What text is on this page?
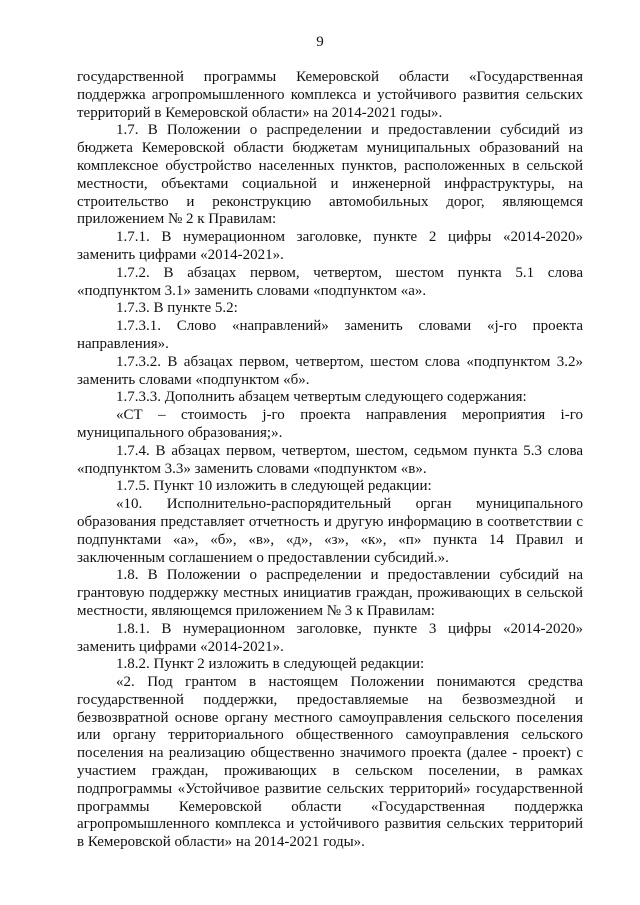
9

государственной программы Кемеровской области «Государственная поддержка агропромышленного комплекса и устойчивого развития сельских территорий в Кемеровской области» на 2014-2021 годы».

1.7. В Положении о распределении и предоставлении субсидий из бюджета Кемеровской области бюджетам муниципальных образований на комплексное обустройство населенных пунктов, расположенных в сельской местности, объектами социальной и инженерной инфраструктуры, на строительство и реконструкцию автомобильных дорог, являющемся приложением № 2 к Правилам:

1.7.1. В нумерационном заголовке, пункте 2 цифры «2014-2020» заменить цифрами «2014-2021».

1.7.2. В абзацах первом, четвертом, шестом пункта 5.1 слова «подпунктом 3.1» заменить словами «подпунктом «а».

1.7.3. В пункте 5.2:

1.7.3.1. Слово «направлений» заменить словами «j-го проекта направления».

1.7.3.2. В абзацах первом, четвертом, шестом слова «подпунктом 3.2» заменить словами «подпунктом «б».

1.7.3.3. Дополнить абзацем четвертым следующего содержания:

«СТ – стоимость j-го проекта направления мероприятия i-го муниципального образования;».

1.7.4. В абзацах первом, четвертом, шестом, седьмом пункта 5.3 слова «подпунктом 3.3» заменить словами «подпунктом «в».

1.7.5. Пункт 10 изложить в следующей редакции:

«10. Исполнительно-распорядительный орган муниципального образования представляет отчетность и другую информацию в соответствии с подпунктами «а», «б», «в», «д», «з», «к», «п» пункта 14 Правил и заключенным соглашением о предоставлении субсидий.».

1.8. В Положении о распределении и предоставлении субсидий на грантовую поддержку местных инициатив граждан, проживающих в сельской местности, являющемся приложением № 3 к Правилам:

1.8.1. В нумерационном заголовке, пункте 3 цифры «2014-2020» заменить цифрами «2014-2021».

1.8.2. Пункт 2 изложить в следующей редакции:

«2. Под грантом в настоящем Положении понимаются средства государственной поддержки, предоставляемые на безвозмездной и безвозвратной основе органу местного самоуправления сельского поселения или органу территориального общественного самоуправления сельского поселения на реализацию общественно значимого проекта (далее - проект) с участием граждан, проживающих в сельском поселении, в рамках подпрограммы «Устойчивое развитие сельских территорий» государственной программы Кемеровской области «Государственная поддержка агропромышленного комплекса и устойчивого развития сельских территорий в Кемеровской области» на 2014-2021 годы».
